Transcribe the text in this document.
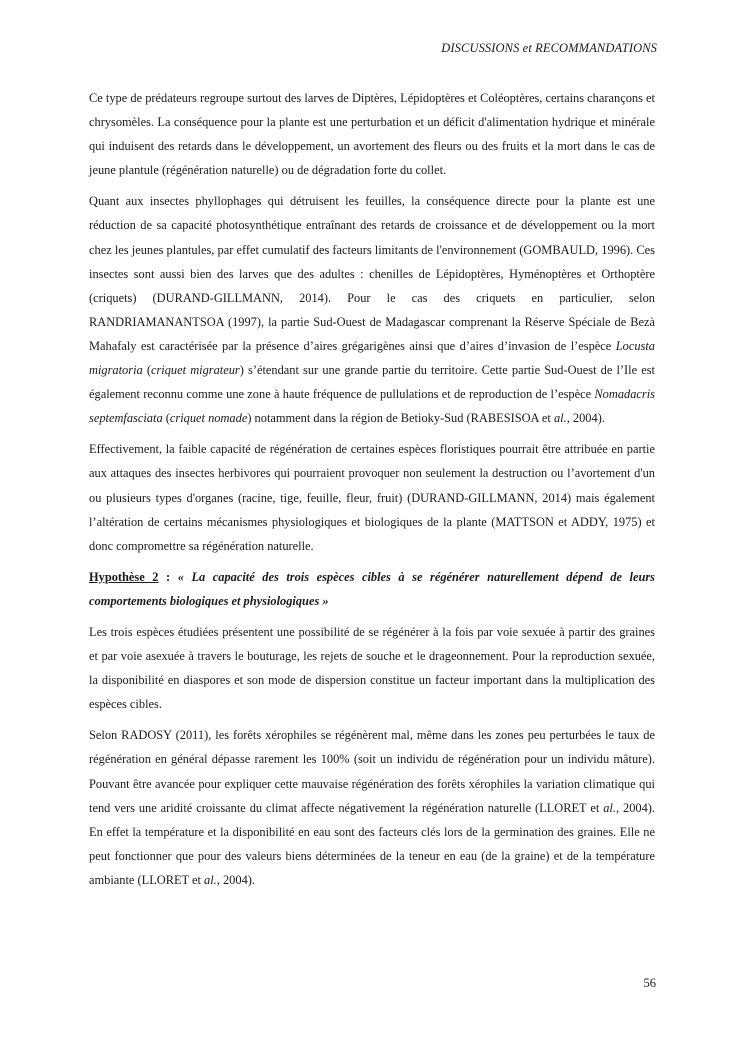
DISCUSSIONS et RECOMMANDATIONS

Ce type de prédateurs regroupe surtout des larves de Diptères, Lépidoptères et Coléoptères, certains charançons et chrysomèles. La conséquence pour la plante est une perturbation et un déficit d'alimentation hydrique et minérale qui induisent des retards dans le développement, un avortement des fleurs ou des fruits et la mort dans le cas de jeune plantule (régénération naturelle) ou de dégradation forte du collet.

Quant aux insectes phyllophages qui détruisent les feuilles, la conséquence directe pour la plante est une réduction de sa capacité photosynthétique entraînant des retards de croissance et de développement ou la mort chez les jeunes plantules, par effet cumulatif des facteurs limitants de l'environnement (GOMBAULD, 1996). Ces insectes sont aussi bien des larves que des adultes : chenilles de Lépidoptères, Hyménoptères et Orthoptère (criquets) (DURAND-GILLMANN, 2014). Pour le cas des criquets en particulier, selon RANDRIAMANANTSOA (1997), la partie Sud-Ouest de Madagascar comprenant la Réserve Spéciale de Bezà Mahafaly est caractérisée par la présence d’aires grégarigènes ainsi que d’aires d’invasion de l’espèce Locusta migratoria (criquet migrateur) s’étendant sur une grande partie du territoire. Cette partie Sud-Ouest de l’Ile est également reconnu comme une zone à haute fréquence de pullulations et de reproduction de l’espèce Nomadacris septemfasciata (criquet nomade) notamment dans la région de Betioky-Sud (RABESISOA et al., 2004).

Effectivement, la faible capacité de régénération de certaines espèces floristiques pourrait être attribuée en partie aux attaques des insectes herbivores qui pourraient provoquer non seulement la destruction ou l’avortement d'un ou plusieurs types d'organes (racine, tige, feuille, fleur, fruit) (DURAND-GILLMANN, 2014) mais également l’altération de certains mécanismes physiologiques et biologiques de la plante (MATTSON et ADDY, 1975) et donc compromettre sa régénération naturelle.

Hypothèse 2 : « La capacité des trois espèces cibles à se régénérer naturellement dépend de leurs comportements biologiques et physiologiques »

Les trois espèces étudiées présentent une possibilité de se régénérer à la fois par voie sexuée à partir des graines et par voie asexuée à travers le bouturage, les rejets de souche et le drageonnement. Pour la reproduction sexuée, la disponibilité en diaspores et son mode de dispersion constitue un facteur important dans la multiplication des espèces cibles.

Selon RADOSY (2011), les forêts xérophiles se régénèrent mal, même dans les zones peu perturbées le taux de régénération en général dépasse rarement les 100% (soit un individu de régénération pour un individu mâture). Pouvant être avancée pour expliquer cette mauvaise régénération des forêts xérophiles la variation climatique qui tend vers une aridité croissante du climat affecte négativement la régénération naturelle (LLORET et al., 2004). En effet la température et la disponibilité en eau sont des facteurs clés lors de la germination des graines. Elle ne peut fonctionner que pour des valeurs biens déterminées de la teneur en eau (de la graine) et de la température ambiante (LLORET et al., 2004).

56
